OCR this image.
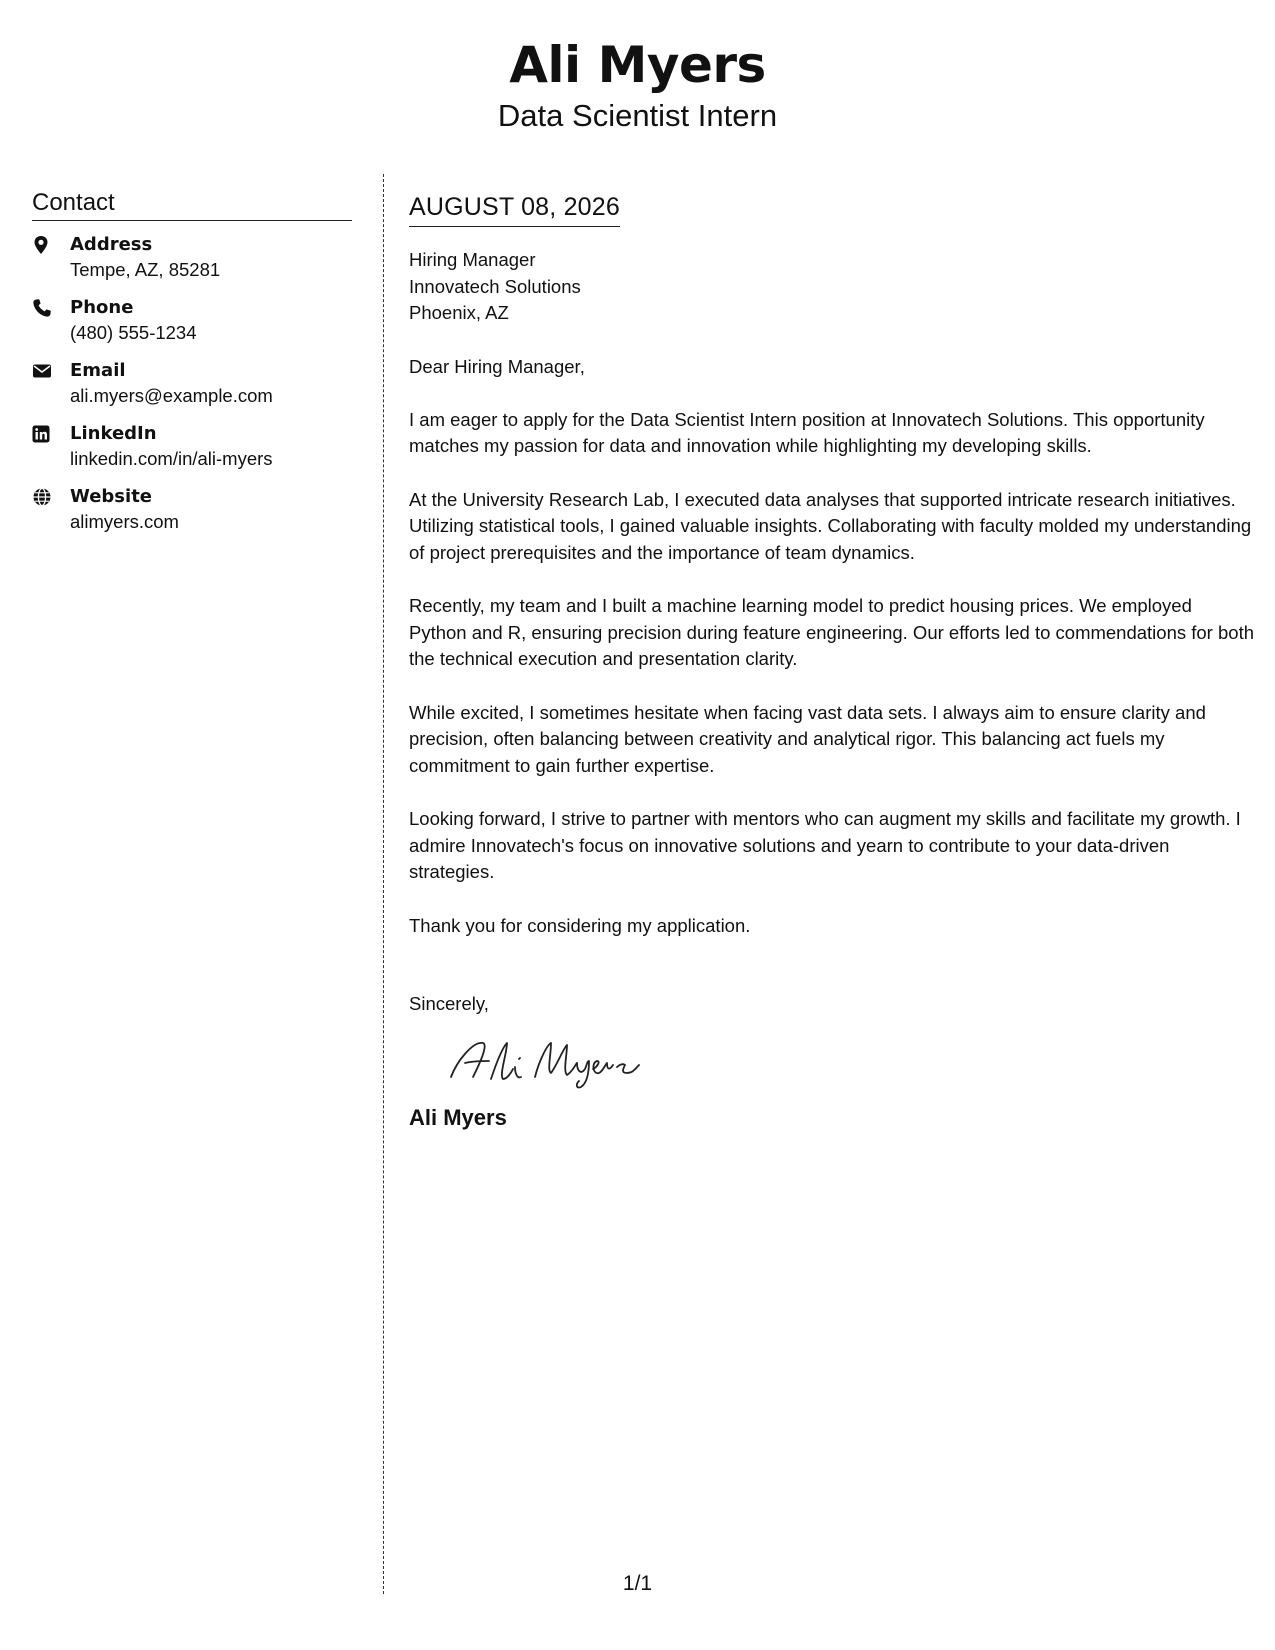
Ali Myers
Data Scientist Intern
Contact
Address
Tempe, AZ, 85281
Phone
(480) 555-1234
Email
ali.myers@example.com
LinkedIn
linkedin.com/in/ali-myers
Website
alimyers.com
AUGUST 08, 2026
Hiring Manager
Innovatech Solutions
Phoenix, AZ
Dear Hiring Manager,

I am eager to apply for the Data Scientist Intern position at Innovatech Solutions. This opportunity matches my passion for data and innovation while highlighting my developing skills.

At the University Research Lab, I executed data analyses that supported intricate research initiatives. Utilizing statistical tools, I gained valuable insights. Collaborating with faculty molded my understanding of project prerequisites and the importance of team dynamics.

Recently, my team and I built a machine learning model to predict housing prices. We employed Python and R, ensuring precision during feature engineering. Our efforts led to commendations for both the technical execution and presentation clarity.

While excited, I sometimes hesitate when facing vast data sets. I always aim to ensure clarity and precision, often balancing between creativity and analytical rigor. This balancing act fuels my commitment to gain further expertise.

Looking forward, I strive to partner with mentors who can augment my skills and facilitate my growth. I admire Innovatech's focus on innovative solutions and yearn to contribute to your data-driven strategies.

Thank you for considering my application.

Sincerely,
Ali Myers
1/1
